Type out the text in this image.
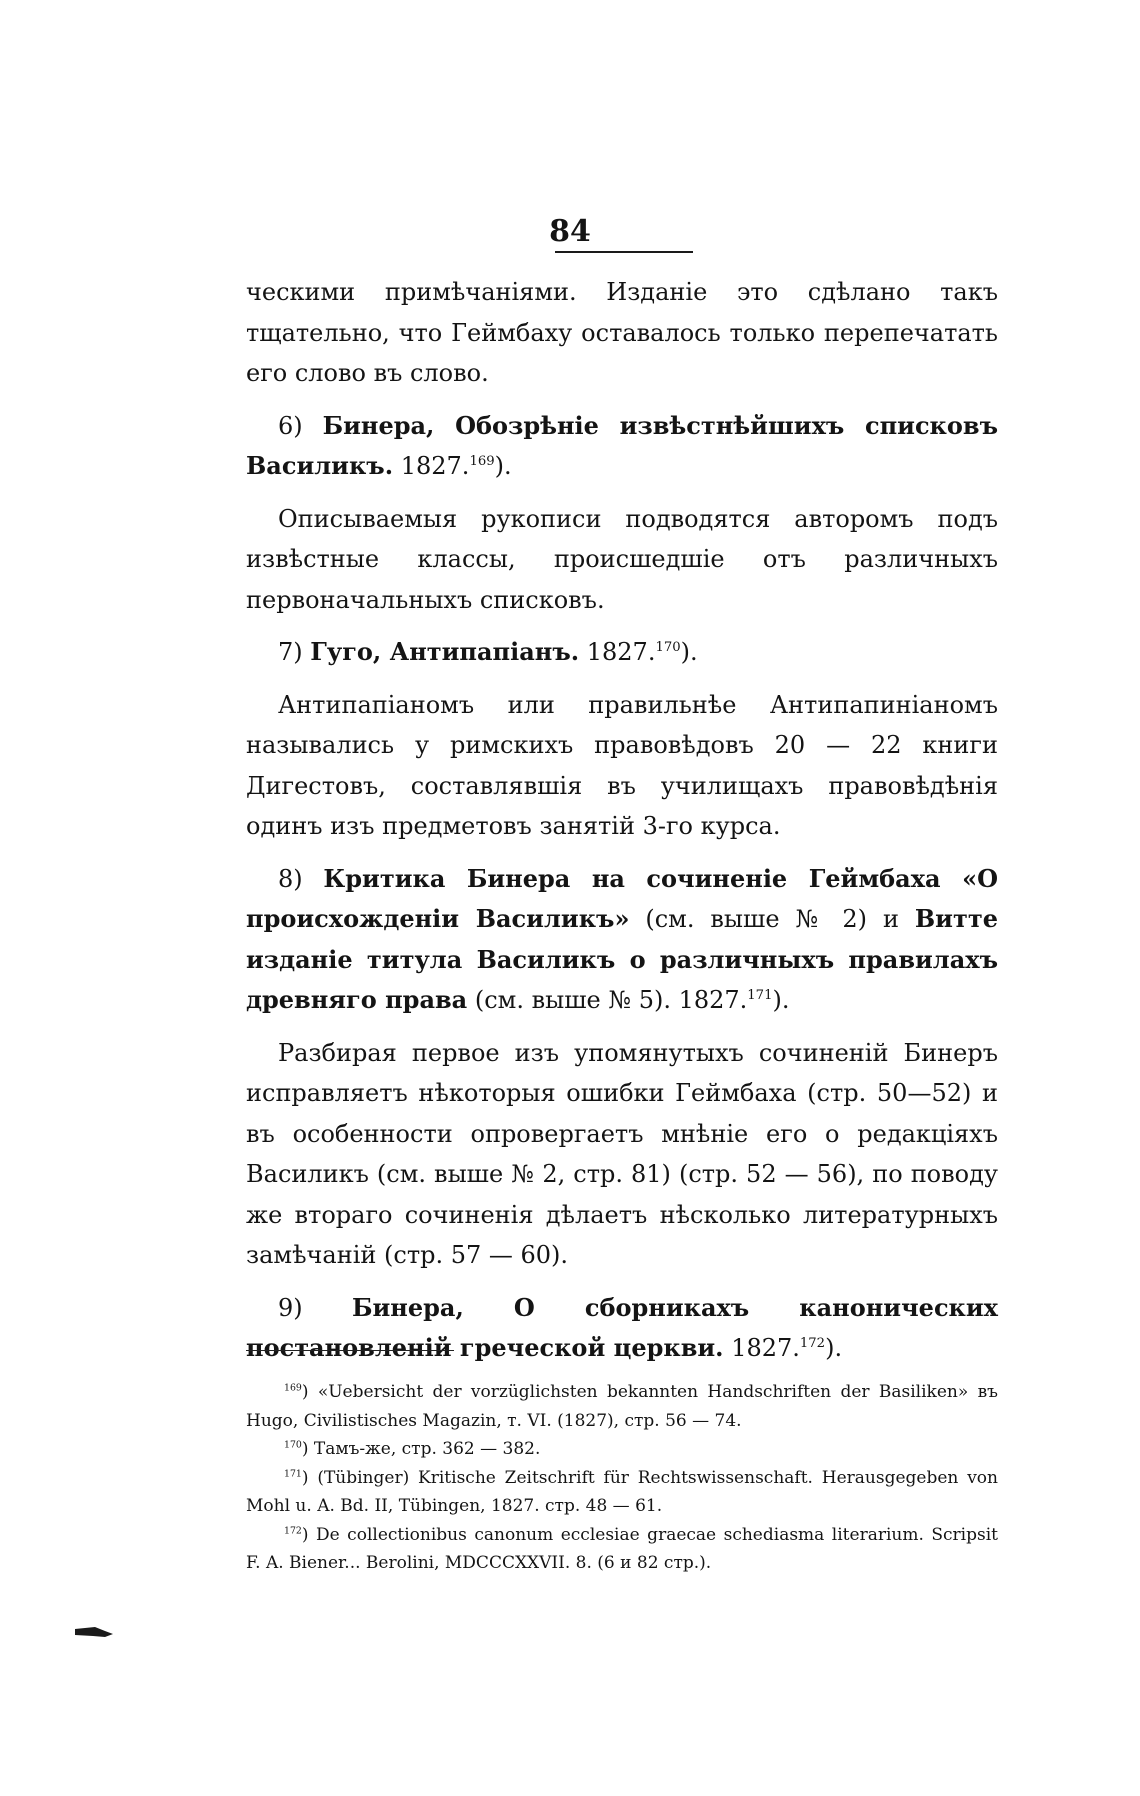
84

ческими примѣчаніями. Изданіе это сдѣлано такъ тщательно, что Геймбаху оставалось только перепечатать его слово въ слово.

6) Бинера, Обозрѣніе извѣстнѣйшихъ списковъ Василикъ. 1827.$^{169}$).

Описываемыя рукописи подводятся авторомъ подъ извѣстные классы, происшедшіе отъ различныхъ первоначальныхъ списковъ.

7) Гуго, Антипапіанъ. 1827.$^{170}$).

Антипапіаномъ или правильнѣе Антипапиніаномъ назывались у римскихъ правовѣдовъ 20 — 22 книги Дигестовъ, составлявшія въ училищахъ правовѣдѣнія одинъ изъ предметовъ занятій 3-го курса.

8) Критика Бинера на сочиненіе Геймбаха «О происхожденіи Василикъ» (см. выше № 2) и Витте изданіе титула Василикъ о различныхъ правилахъ древняго права (см. выше № 5). 1827.$^{171}$).

Разбирая первое изъ упомянутыхъ сочиненій Бинеръ исправляетъ нѣкоторыя ошибки Геймбаха (стр. 50—52) и въ особенности опровергаетъ мнѣніе его о редакціяхъ Василикъ (см. выше № 2, стр. 81) (стр. 52 — 56), по поводу же втораго сочиненія дѣлаетъ нѣсколько литературныхъ замѣчаній (стр. 57 — 60).

9) Бинера, О сборникахъ канонических постановленій греческой церкви. 1827.$^{172}$).

$^{169}$) «Uebersicht der vorzüglichsten bekannten Handschriften der Basiliken» въ Hugo, Civilistisches Magazin, т. VI. (1827), стр. 56 — 74.

$^{170}$) Тамъ-же, стр. 362 — 382.

$^{171}$) (Tübinger) Kritische Zeitschrift für Rechtswissenschaft. Herausgegeben von Mohl u. A. Bd. II, Tübingen, 1827. стр. 48 — 61.

$^{172}$) De collectionibus canonum ecclesiae graecae schediasma literarium. Scripsit F. A. Biener... Berolini, MDCCCXXVII. 8. (6 и 82 стр.).
